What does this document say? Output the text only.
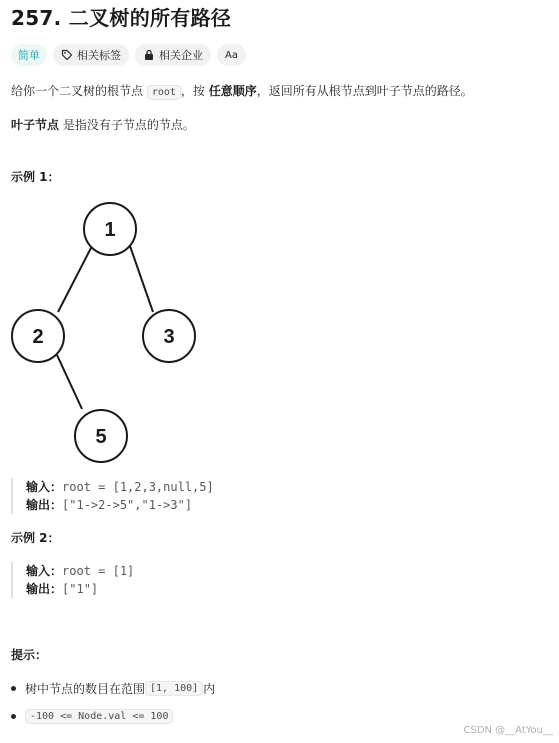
257. 二叉树的所有路径
简单	相关标签	相关企业 Aa
给你一个二叉树的根节点 root ，按 任意顺序，返回所有从根节点到叶子节点的路径。
叶子节点 是指没有子节点的节点。
示例 1：
1
2	3
5
输入：root = [1,2,3,null,5]
输出：["1->2->5","1->3"]
示例 2：
输入：root = [1]
输出：["1"]
提示：
树中节点的数目在范围 [1, 100] 内
-100 <= Node.val <= 100
CSDN @__AtYou__
